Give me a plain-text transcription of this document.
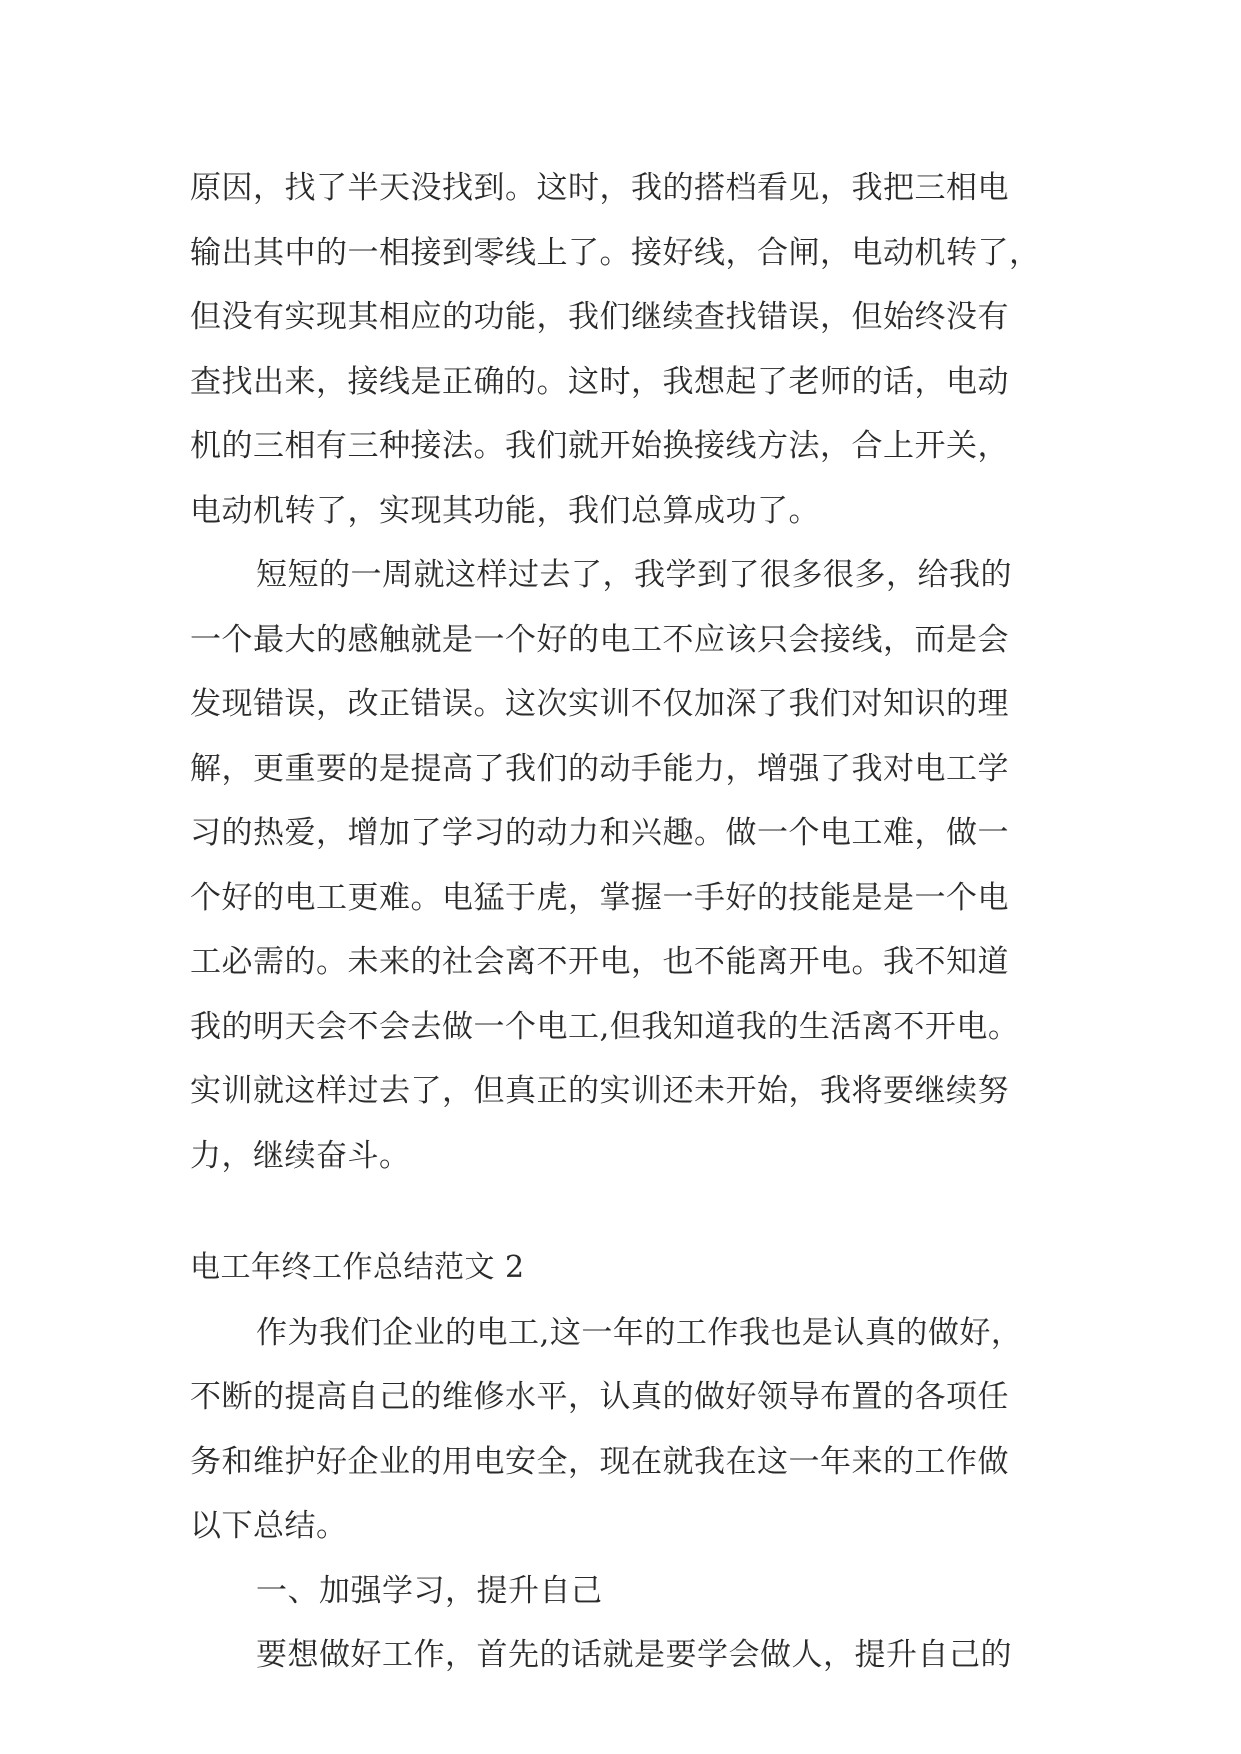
原因，找了半天没找到。这时，我的搭档看见，我把三相电
输出其中的一相接到零线上了。接好线，合闸，电动机转了，
但没有实现其相应的功能，我们继续查找错误，但始终没有
查找出来，接线是正确的。这时，我想起了老师的话，电动
机的三相有三种接法。我们就开始换接线方法，合上开关，
电动机转了，实现其功能，我们总算成功了。
短短的一周就这样过去了，我学到了很多很多，给我的
一个最大的感触就是一个好的电工不应该只会接线，而是会
发现错误，改正错误。这次实训不仅加深了我们对知识的理
解，更重要的是提高了我们的动手能力，增强了我对电工学
习的热爱，增加了学习的动力和兴趣。做一个电工难，做一
个好的电工更难。电猛于虎，掌握一手好的技能是是一个电
工必需的。未来的社会离不开电，也不能离开电。我不知道
我的明天会不会去做一个电工,但我知道我的生活离不开电。
实训就这样过去了，但真正的实训还未开始，我将要继续努
力，继续奋斗。
电工年终工作总结范文 2
作为我们企业的电工,这一年的工作我也是认真的做好，
不断的提高自己的维修水平，认真的做好领导布置的各项任
务和维护好企业的用电安全，现在就我在这一年来的工作做
以下总结。
一、加强学习，提升自己
要想做好工作，首先的话就是要学会做人，提升自己的
